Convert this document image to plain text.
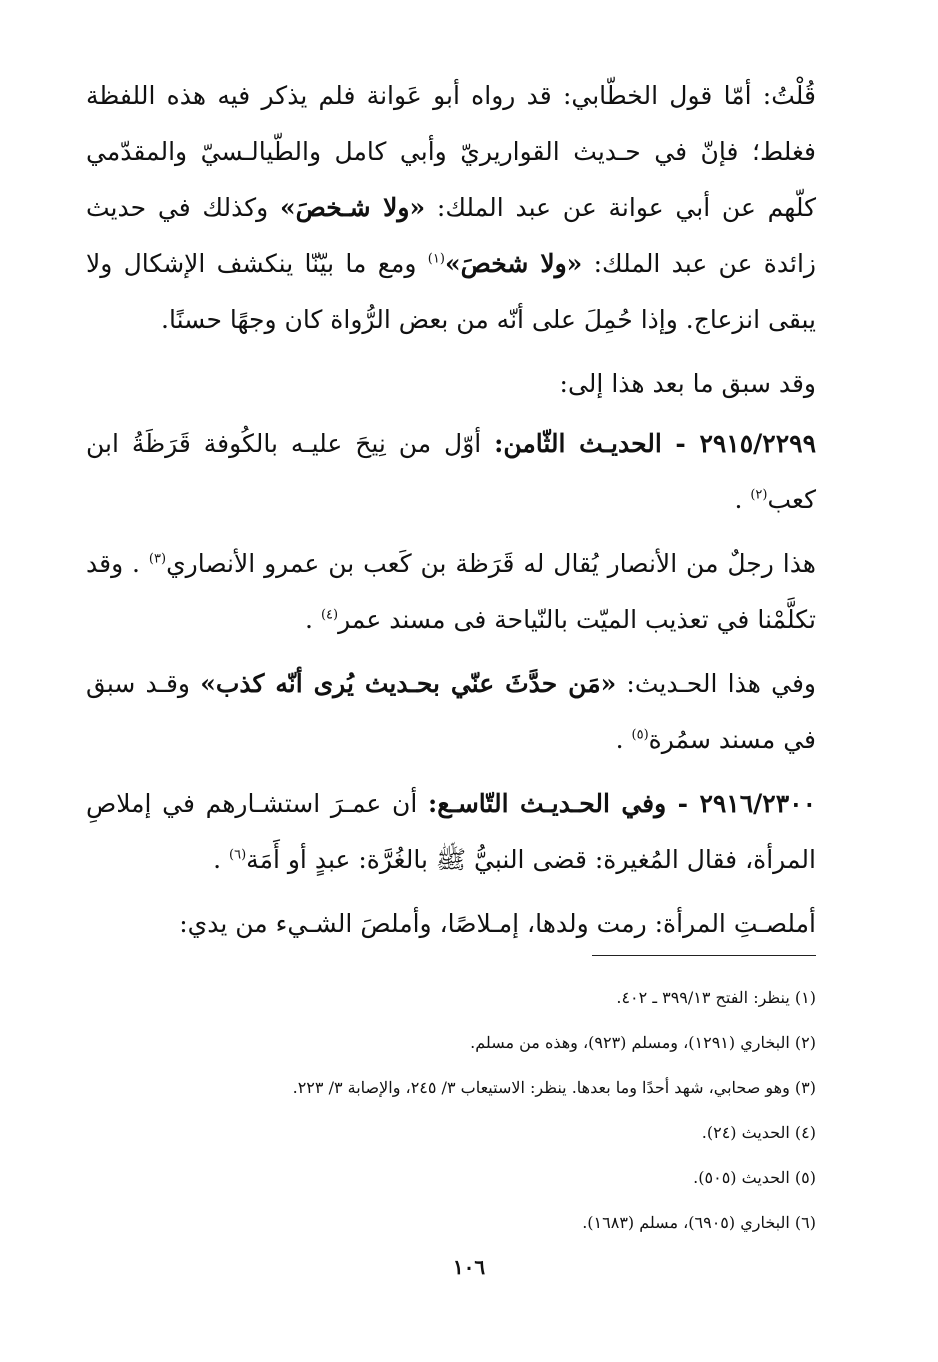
قُلْتُ: أمّا قول الخطّابي: قد رواه أبو عَوانة فلم يذكر فيه هذه اللفظة فغلط؛ فإنّ في حـديث القواريريّ وأبي كامل والطّيالـسيّ والمقدّمي كلّهم عن أبي عوانة عن عبد الملك: «ولا شـخصَ» وكذلك في حديث زائدة عن عبد الملك: «ولا شخصَ»$^{(١)}$ ومع ما بيّنّا ينكشف الإشكال ولا يبقى انزعاج. وإذا حُمِلَ على أنّه من بعض الرُّواة كان وجهًا حسنًا.

وقد سبق ما بعد هذا إلى:

٢٩١٥/٢٢٩٩ - الحديـث الثّامن: أوّل من نِيحَ عليـه بالكُوفة قَرَظَةُ ابن كعب$^{(٢)}$ .

هذا رجلٌ من الأنصار يُقال له قَرَظة بن كَعب بن عمرو الأنصاري$^{(٣)}$ . وقد تكلَّمْنا في تعذيب الميّت بالنّياحة فى مسند عمر$^{(٤)}$ .

وفي هذا الحـديث: «مَن حدَّثَ عنّي بحـديث يُرى أنّه كذب» وقـد سبق في مسند سمُرة$^{(٥)}$ .

٢٩١٦/٢٣٠٠ - وفي الحـديـث التّاسـع: أن عمـرَ استشـارهم في إملاصِ المرأة، فقال المُغيرة: قضى النبيُّ ﷺ بالغُرَّة: عبدٍ أو أَمَة$^{(٦)}$ .

أملصـتِ المرأة: رمت ولدها، إمـلاصًا، وأملصَ الشـيء من يدي:

(١) ينظر: الفتح ٣٩٩/١٣ ـ ٤٠٢.
(٢) البخاري (١٢٩١)، ومسلم (٩٢٣)، وهذه من مسلم.
(٣) وهو صحابي، شهد أحدًا وما بعدها. ينظر: الاستيعاب ٣/ ٢٤٥، والإصابة ٣/ ٢٢٣.
(٤) الحديث (٢٤).
(٥) الحديث (٥٠٥).
(٦) البخاري (٦٩٠٥)، مسلم (١٦٨٣).
١٠٦
